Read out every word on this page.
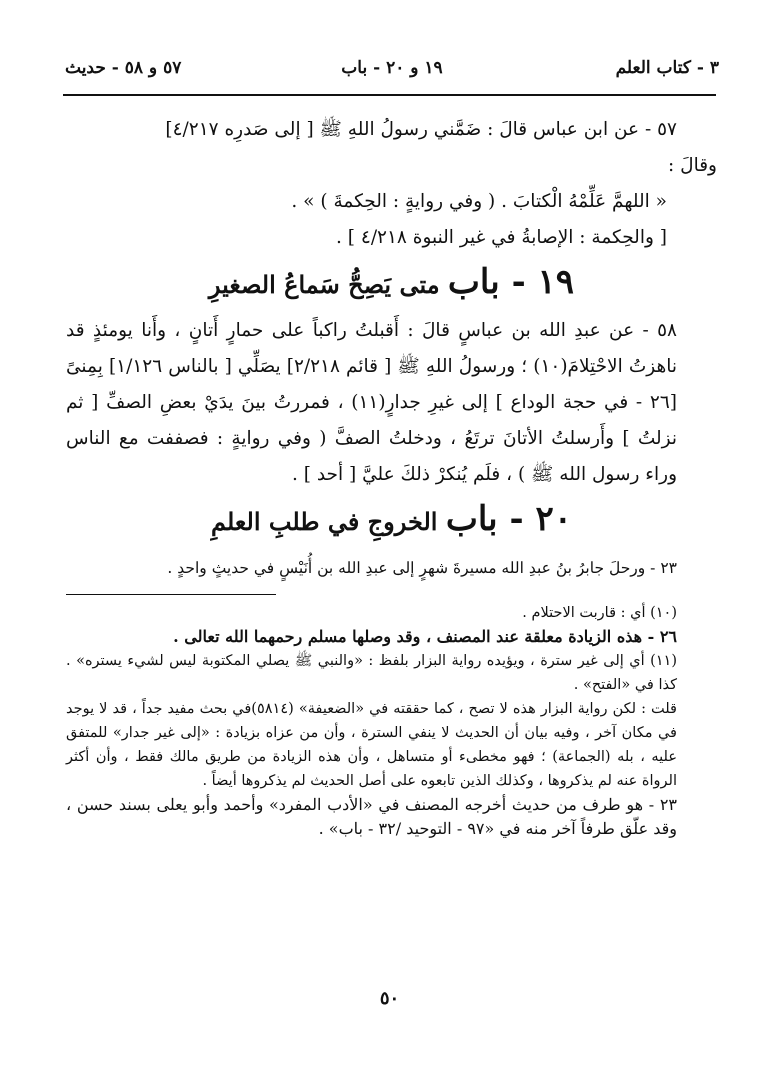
٣ - كتاب العلم
١٩ و ٢٠ - باب
٥٧ و ٥٨ - حديث

٥٧ - عن ابن عباس قالَ : ضَمَّني رسولُ اللهِ ﷺ [ إلى صَدرِه ٤/٢١٧]

وقالَ :

« اللهمَّ عَلِّمْهُ الْكتابَ . ( وفي روايةٍ : الحِكمةَ ) » .

[ والحِكمة : الإصابةُ في غير النبوة ٤/٢١٨ ] .

١٩ - باب متى يَصِحُّ سَماعُ الصغيرِ

٥٨ - عن عبدِ الله بن عباسٍ قالَ : أَقبلتُ راكباً على حمارٍ أَتانٍ ، وأَنا يومئذٍ قد ناهزتُ الاحْتِلامَ(١٠) ؛ ورسولُ اللهِ ﷺ [ قائم ٢/٢١٨] يصَلِّي [ بالناس ١/١٢٦] بِمِنىً [٢٦ - في حجة الوداع ] إلى غيرِ جدارٍ(١١) ، فمررتُ بينَ يدَيْ بعضِ الصفِّ [ ثم نزلتُ ] وأَرسلتُ الأتانَ ترتَعُ ، ودخلتُ الصفَّ ( وفي روايةٍ : فصففت مع الناس وراء رسول الله ﷺ ) ، فلَم يُنكرْ ذلكَ عليَّ [ أحد ] .

٢٠ - باب الخروجِ في طلبِ العلمِ

٢٣ - ورحلَ جابرُ بنُ عبدِ الله مسيرةَ شهرٍ إلى عبدِ الله بن أُنَيْسٍ في حديثٍ واحدٍ .

(١٠) أي : قاربت الاحتلام .

٢٦ - هذه الزيادة معلقة عند المصنف ، وقد وصلها مسلم رحمهما الله تعالى .

(١١) أي إلى غير سترة ، ويؤيده رواية البزار بلفظ : «والنبي ﷺ يصلي المكتوبة ليس لشيء يستره» . كذا في «الفتح» .

قلت : لكن رواية البزار هذه لا تصح ، كما حققته في «الضعيفة» (٥٨١٤)في بحث مفيد جداً ، قد لا يوجد في مكان آخر ، وفيه بيان أن الحديث لا ينفي السترة ، وأن من عزاه بزيادة : «إلى غير جدار» للمتفق عليه ، بله (الجماعة) ؛ فهو مخطىء أو متساهل ، وأن هذه الزيادة من طريق مالك فقط ، وأن أكثر الرواة عنه لم يذكروها ، وكذلك الذين تابعوه على أصل الحديث لم يذكروها أيضاً .

٢٣ - هو طرف من حديث أخرجه المصنف في «الأدب المفرد» وأحمد وأبو يعلى بسند حسن ، وقد علّق طرفاً آخر منه في «٩٧ - التوحيد /٣٢ - باب» .

٥٠
